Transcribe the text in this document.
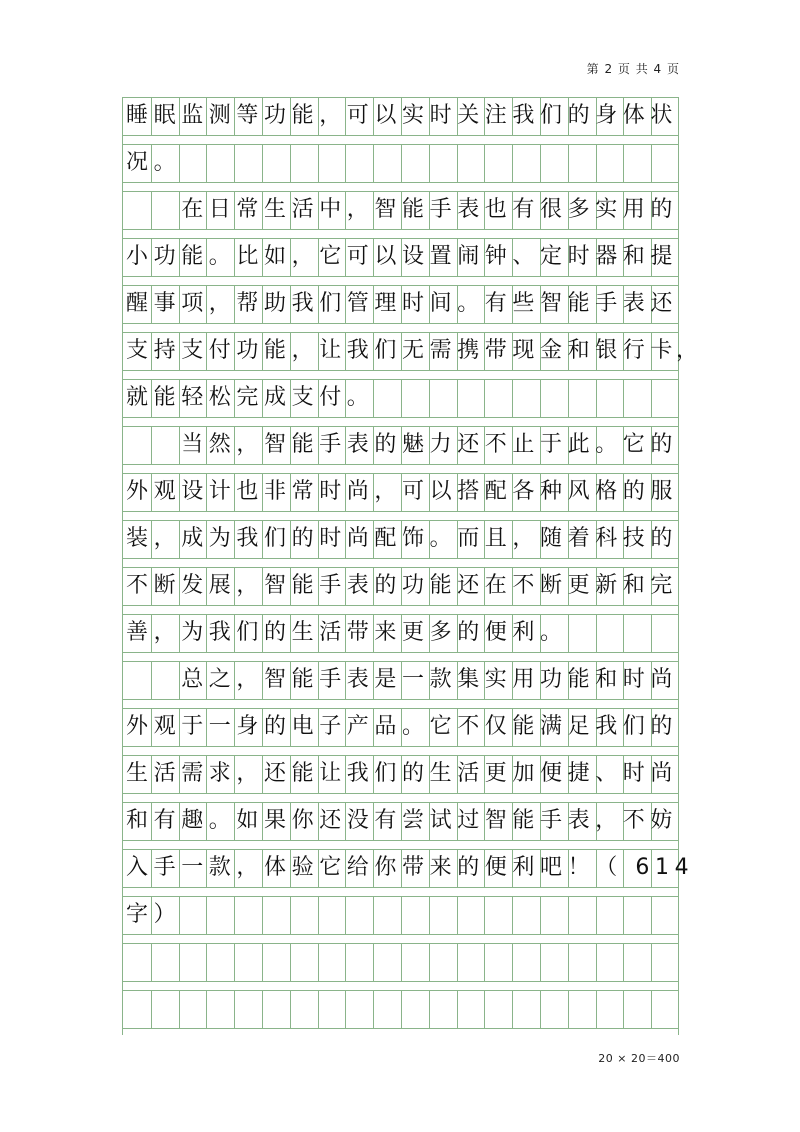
第 2 页 共 4 页
睡眠监测等功能，可以实时关注我们的身体状
况。
　　在日常生活中，智能手表也有很多实用的
小功能。比如，它可以设置闹钟、定时器和提
醒事项，帮助我们管理时间。有些智能手表还
支持支付功能，让我们无需携带现金和银行卡
就能轻松完成支付。
　　当然，智能手表的魅力还不止于此。它的
外观设计也非常时尚，可以搭配各种风格的服
装，成为我们的时尚配饰。而且，随着科技的
不断发展，智能手表的功能还在不断更新和完
善，为我们的生活带来更多的便利。
　　总之，智能手表是一款集实用功能和时尚
外观于一身的电子产品。它不仅能满足我们的
生活需求，还能让我们的生活更加便捷、时尚
和有趣。如果你还没有尝试过智能手表，不妨
入手一款，体验它给你带来的便利吧！（ 614
字）
，
20 × 20＝400
